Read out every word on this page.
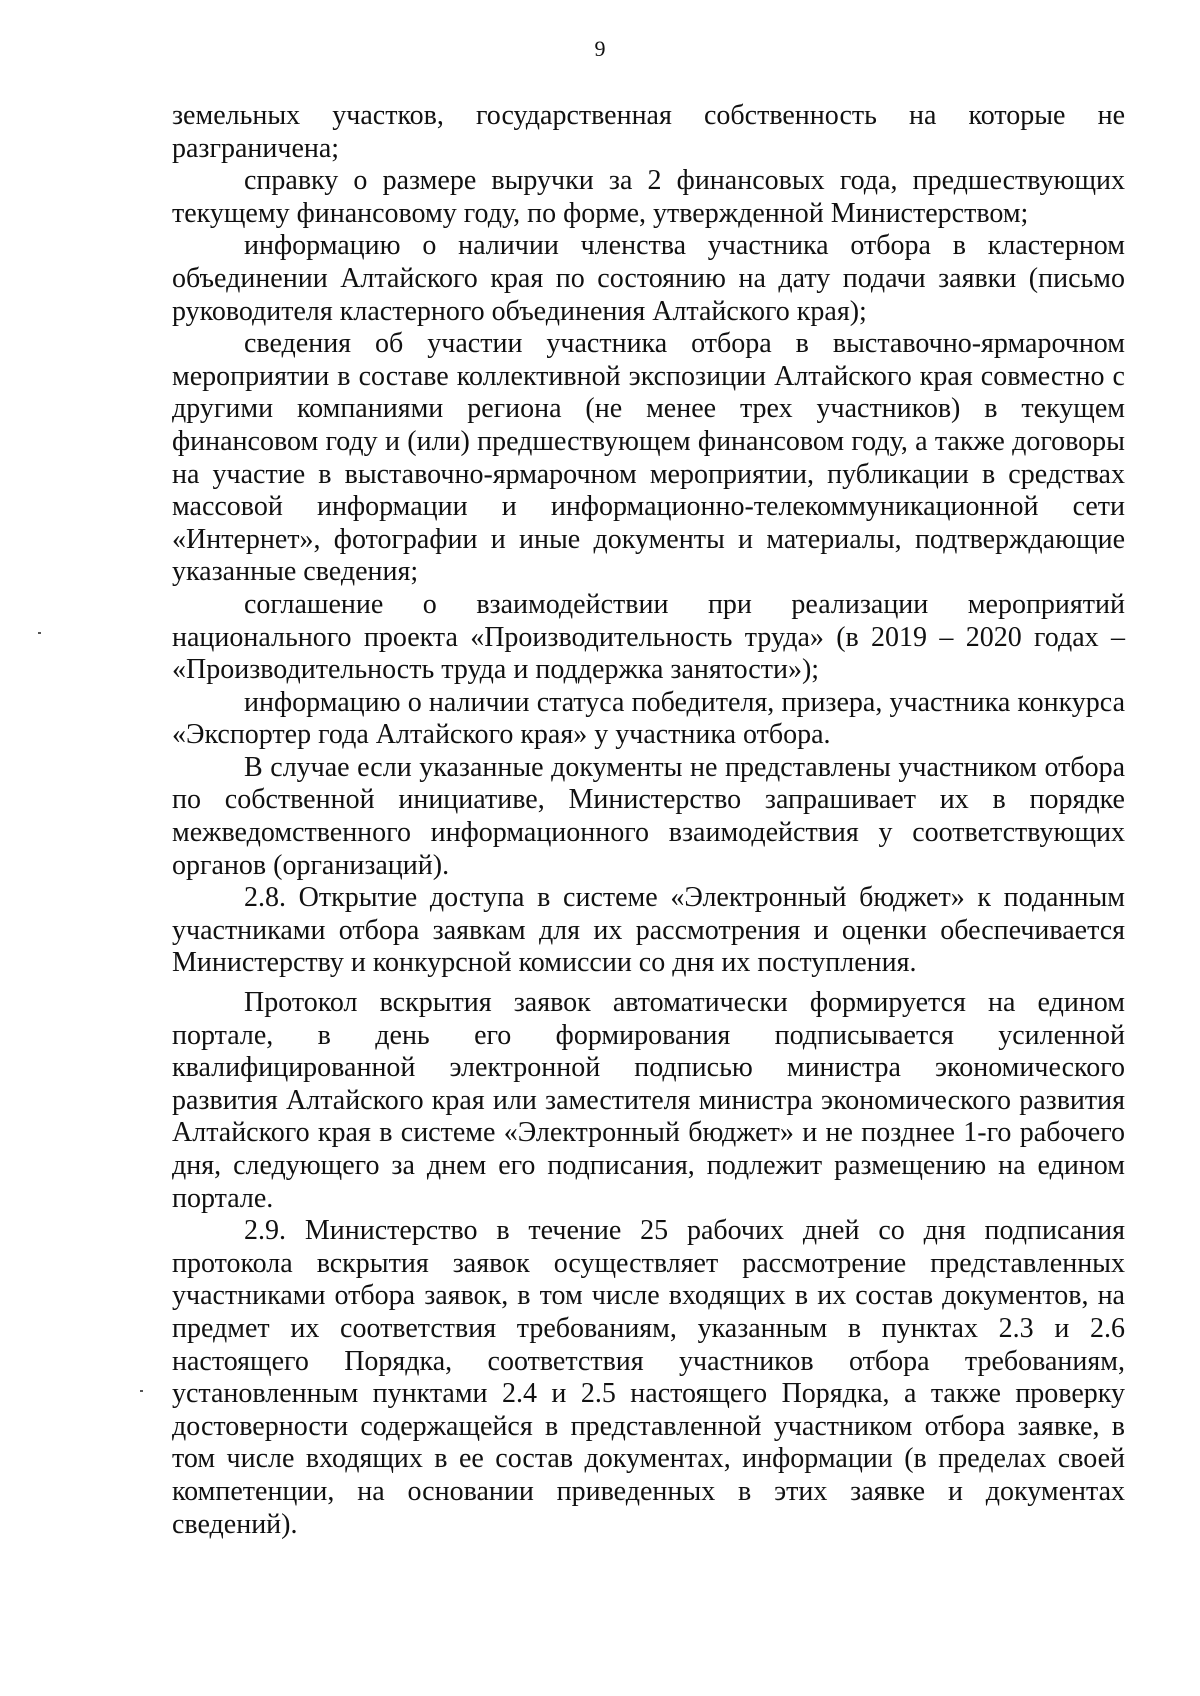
9

земельных участков, государственная собственность на которые не разграничена;

справку о размере выручки за 2 финансовых года, предшествующих текущему финансовому году, по форме, утвержденной Министерством;

информацию о наличии членства участника отбора в кластерном объединении Алтайского края по состоянию на дату подачи заявки (письмо руководителя кластерного объединения Алтайского края);

сведения об участии участника отбора в выставочно-ярмарочном мероприятии в составе коллективной экспозиции Алтайского края совместно с другими компаниями региона (не менее трех участников) в текущем финансовом году и (или) предшествующем финансовом году, а также договоры на участие в выставочно-ярмарочном мероприятии, публикации в средствах массовой информации и информационно-телекоммуникационной сети «Интернет», фотографии и иные документы и материалы, подтверждающие указанные сведения;

соглашение о взаимодействии при реализации мероприятий национального проекта «Производительность труда» (в 2019 – 2020 годах – «Производительность труда и поддержка занятости»);

информацию о наличии статуса победителя, призера, участника конкурса «Экспортер года Алтайского края» у участника отбора.

В случае если указанные документы не представлены участником отбора по собственной инициативе, Министерство запрашивает их в порядке межведомственного информационного взаимодействия у соответствующих органов (организаций).

2.8. Открытие доступа в системе «Электронный бюджет» к поданным участниками отбора заявкам для их рассмотрения и оценки обеспечивается Министерству и конкурсной комиссии со дня их поступления.

Протокол вскрытия заявок автоматически формируется на едином портале, в день его формирования подписывается усиленной квалифицированной электронной подписью министра экономического развития Алтайского края или заместителя министра экономического развития Алтайского края в системе «Электронный бюджет» и не позднее 1-го рабочего дня, следующего за днем его подписания, подлежит размещению на едином портале.

2.9. Министерство в течение 25 рабочих дней со дня подписания протокола вскрытия заявок осуществляет рассмотрение представленных участниками отбора заявок, в том числе входящих в их состав документов, на предмет их соответствия требованиям, указанным в пунктах 2.3 и 2.6 настоящего Порядка, соответствия участников отбора требованиям, установленным пунктами 2.4 и 2.5 настоящего Порядка, а также проверку достоверности содержащейся в представленной участником отбора заявке, в том числе входящих в ее состав документах, информации (в пределах своей компетенции, на основании приведенных в этих заявке и документах сведений).
